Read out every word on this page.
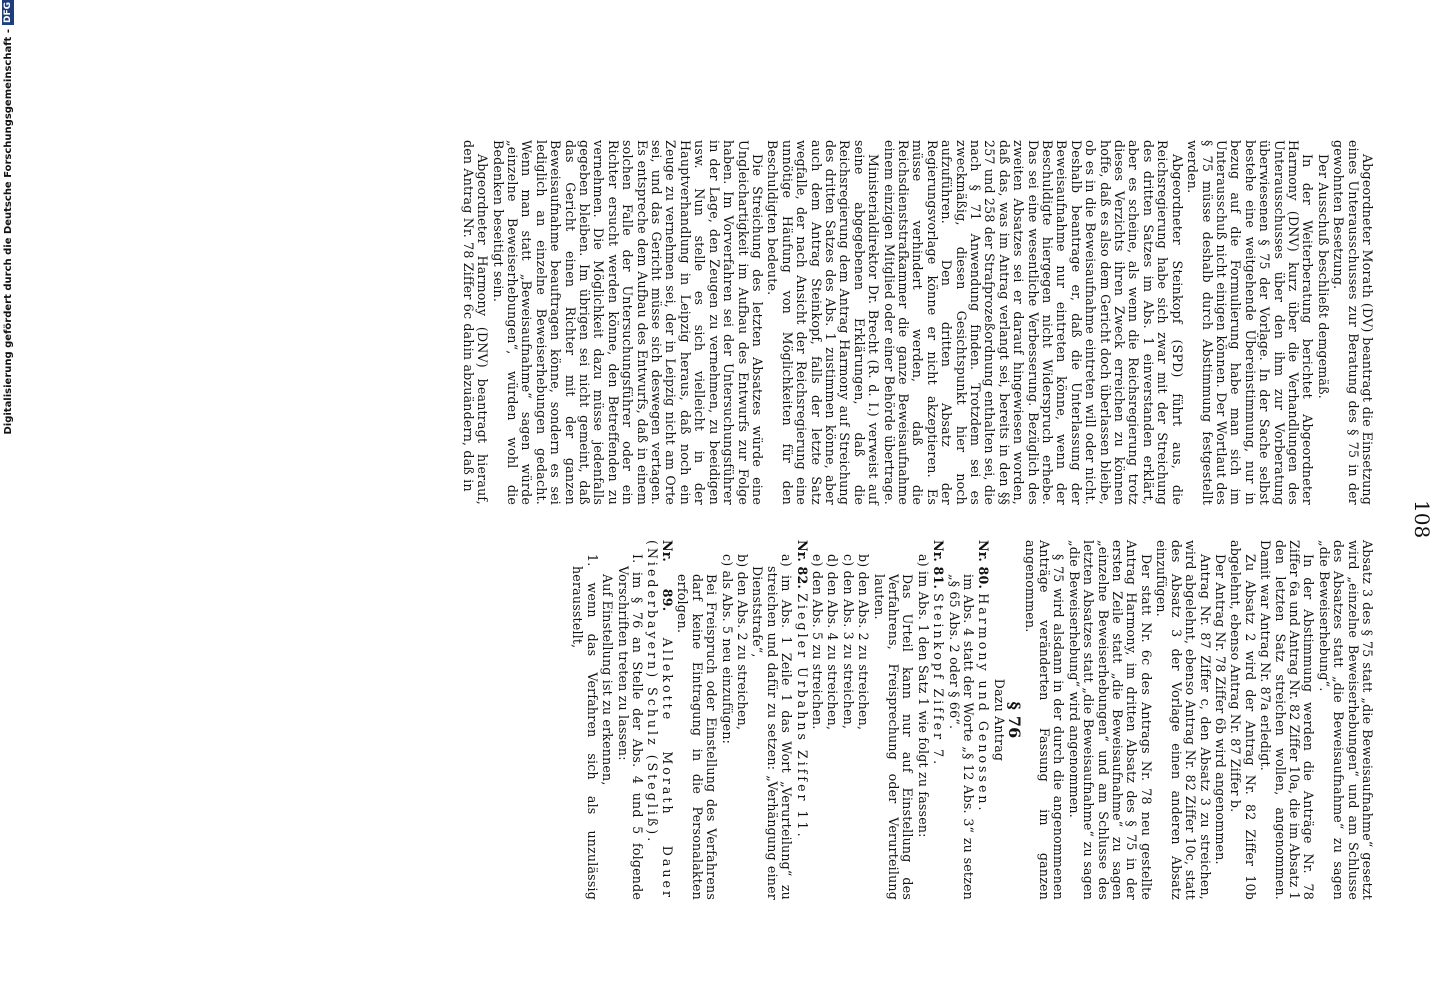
108

Abgeordneter Morath (DV) beantragt die Einsetzung eines Unterausschusses zur Beratung des § 75 in der gewohnten Besetzung.

Der Ausschuß beschließt demgemäß.

In der Weiterberatung berichtet Abgeordneter Harmony (DNV) kurz über die Verhandlungen des Unterausschusses über den ihm zur Vorberatung überwiesenen § 75 der Vorlage. In der Sache selbst bestehe eine weitgehende Übereinstimmung, nur in bezug auf die Formulierung habe man sich im Unterausschuß nicht einigen können. Der Wortlaut des § 75 müsse deshalb durch Abstimmung festgestellt werden.

Abgeordneter Steinkopf (SPD) führt aus, die Reichsregierung habe sich zwar mit der Streichung des dritten Satzes im Abs. 1 einverstanden erklärt, aber es scheine, als wenn die Reichsregierung trotz dieses Verzichts ihren Zweck erreichen zu können hoffe, daß es also dem Gericht doch überlassen bleibe, ob es in die Beweisaufnahme eintreten will oder nicht. Deshalb beantrage er, daß die Unterlassung der Beweisaufnahme nur eintreten könne, wenn der Beschuldigte hiergegen nicht Widerspruch erhebe. Das sei eine wesentliche Verbesserung. Bezüglich des zweiten Absatzes sei er darauf hingewiesen worden, daß das, was im Antrag verlangt sei, bereits in den §§ 257 und 258 der Strafprozeßordnung enthalten sei, die nach § 71 Anwendung finden. Trotzdem sei es zweckmäßig, diesen Gesichtspunkt hier noch aufzuführen. Den dritten Absatz der Regierungsvorlage könne er nicht akzeptieren. Es müsse verhindert werden, daß die Reichsdienststrafkammer die ganze Beweisaufnahme einem einzigen Mitglied oder einer Behörde übertrage.

Ministerialdirektor Dr. Brecht (R. d. I.) verweist auf seine abgegebenen Erklärungen, daß die Reichsregierung dem Antrag Harmony auf Streichung des dritten Satzes des Abs. 1 zustimmen könne, aber auch dem Antrag Steinkopf, falls der letzte Satz wegfalle, der nach Ansicht der Reichsregierung eine unnötige Häufung von Möglichkeiten für den Beschuldigten bedeute.

Die Streichung des letzten Absatzes würde eine Ungleichartigkeit im Aufbau des Entwurfs zur Folge haben. Im Vorverfahren sei der Untersuchungsführer in der Lage, den Zeugen zu vernehmen, zu beeidigen usw. Nun stelle es sich vielleicht in der Hauptverhandlung in Leipzig heraus, daß noch ein Zeuge zu vernehmen sei, der in Leipzig nicht am Orte sei, und das Gericht müsse sich deswegen vertagen. Es entspreche dem Aufbau des Entwurfs, daß in einem solchen Falle der Untersuchungsführer oder ein Richter ersucht werden könne, den Betreffenden zu vernehmen. Die Möglichkeit dazu müsse jedenfalls gegeben bleiben. Im übrigen sei nicht gemeint, daß das Gericht einen Richter mit der ganzen Beweisaufnahme beauftragen könne, sondern es sei lediglich an einzelne Beweiserhebungen gedacht. Wenn man statt „Beweisaufnahme“ sagen würde „einzelne Beweiserhebungen“, würden wohl die Bedenken beseitigt sein.

Abgeordneter Harmony (DNV) beantragt hierauf, den Antrag Nr. 78 Ziffer 6c dahin abzuändern, daß in

Absatz 3 des § 75 statt „die Beweisaufnahme“ gesetzt wird „einzelne Beweiserhebungen“ und am Schlusse des Absatzes statt „die Beweisaufnahme“ zu sagen „die Beweiserhebung“.

In der Abstimmung werden die Anträge Nr. 78 Ziffer 6a und Antrag Nr. 82 Ziffer 10a, die im Absatz 1 den letzten Satz streichen wollen, angenommen. Damit war Antrag Nr. 87a erledigt.

Zu Absatz 2 wird der Antrag Nr. 82 Ziffer 10b abgelehnt, ebenso Antrag Nr. 87 Ziffer b.

Der Antrag Nr. 78 Ziffer 6b wird angenommen.

Antrag Nr. 87 Ziffer c, den Absatz 3 zu streichen, wird abgelehnt, ebenso Antrag Nr. 82 Ziffer 10c, statt des Absatz 3 der Vorlage einen anderen Absatz einzufügen.

Der statt Nr. 6c des Antrags Nr. 78 neu gestellte Antrag Harmony, im dritten Absatz des § 75 in der ersten Zeile statt „die Beweisaufnahme“ zu sagen „einzelne Beweiserhebungen“ und am Schlusse des letzten Absatzes statt „die Beweisaufnahme“ zu sagen „die Beweiserhebung“ wird angenommen.

§ 75 wird alsdann in der durch die angenommenen Anträge veränderten Fassung im ganzen angenommen.

§ 76

Dazu Antrag

Nr. 80. Harmony und Genossen.

im Abs. 4 statt der Worte „§ 12 Abs. 3“ zu setzen „§ 65 Abs. 2 oder § 66“.

Nr. 81. Steinkopf Ziffer 7.

a) im Abs. 1 den Satz 1 wie folgt zu fassen:

Das Urteil kann nur auf Einstellung des Verfahrens, Freisprechung oder Verurteilung lauten.

b) den Abs. 2 zu streichen,

c) den Abs. 3 zu streichen,

d) den Abs. 4 zu streichen,

e) den Abs. 5 zu streichen.

Nr. 82. Ziegler Urbahns Ziffer 11.

a) im Abs. 1 Zeile 1 das Wort „Verurteilung“ zu streichen und dafür zu setzen: „Verhängung einer Dienststrafe“,

b) den Abs. 2 zu streichen,

c) als Abs. 5 neu einzufügen:

Bei Freispruch oder Einstellung des Verfahrens darf keine Eintragung in die Personalakten erfolgen.

Nr. 89. Allekotte Morath Dauer (Niederbayern) Schulz (Stegliß).

I. im § 76 an Stelle der Abs. 4 und 5 folgende Vorschriften treten zu lassen:

Auf Einstellung ist zu erkennen,

1. wenn das Verfahren sich als unzulässig herausstellt,

Digitalisierung gefördert durch die Deutsche Forschungsgemeinschaft -
DFG
